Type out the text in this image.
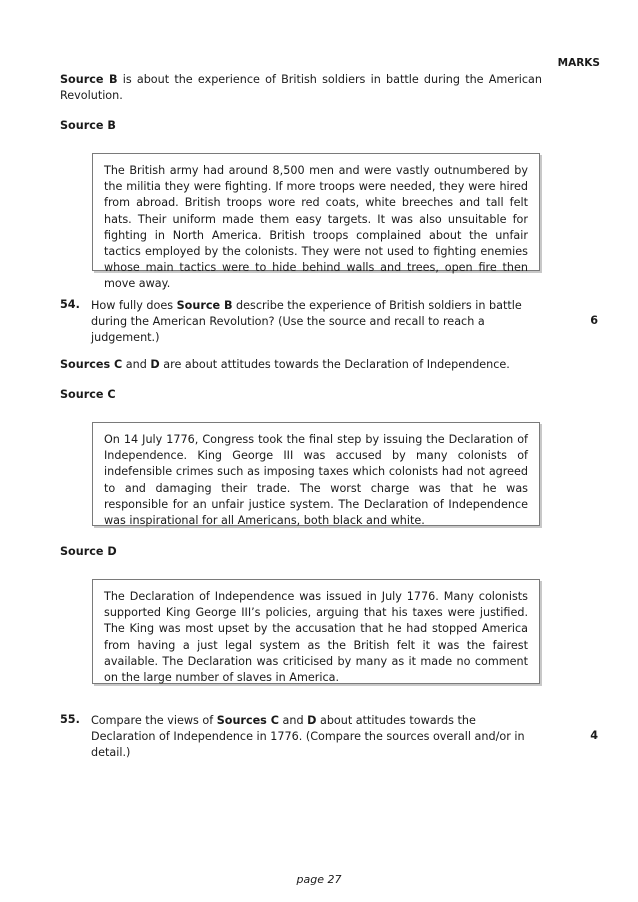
MARKS
Source B is about the experience of British soldiers in battle during the American Revolution.
Source B
The British army had around 8,500 men and were vastly outnumbered by the militia they were fighting. If more troops were needed, they were hired from abroad. British troops wore red coats, white breeches and tall felt hats. Their uniform made them easy targets. It was also unsuitable for fighting in North America. British troops complained about the unfair tactics employed by the colonists. They were not used to fighting enemies whose main tactics were to hide behind walls and trees, open fire then move away.
54. How fully does Source B describe the experience of British soldiers in battle during the American Revolution? (Use the source and recall to reach a judgement.)
6
Sources C and D are about attitudes towards the Declaration of Independence.
Source C
On 14 July 1776, Congress took the final step by issuing the Declaration of Independence. King George III was accused by many colonists of indefensible crimes such as imposing taxes which colonists had not agreed to and damaging their trade. The worst charge was that he was responsible for an unfair justice system. The Declaration of Independence was inspirational for all Americans, both black and white.
Source D
The Declaration of Independence was issued in July 1776. Many colonists supported King George III’s policies, arguing that his taxes were justified. The King was most upset by the accusation that he had stopped America from having a just legal system as the British felt it was the fairest available. The Declaration was criticised by many as it made no comment on the large number of slaves in America.
55. Compare the views of Sources C and D about attitudes towards the Declaration of Independence in 1776. (Compare the sources overall and/or in detail.)
4
page 27
